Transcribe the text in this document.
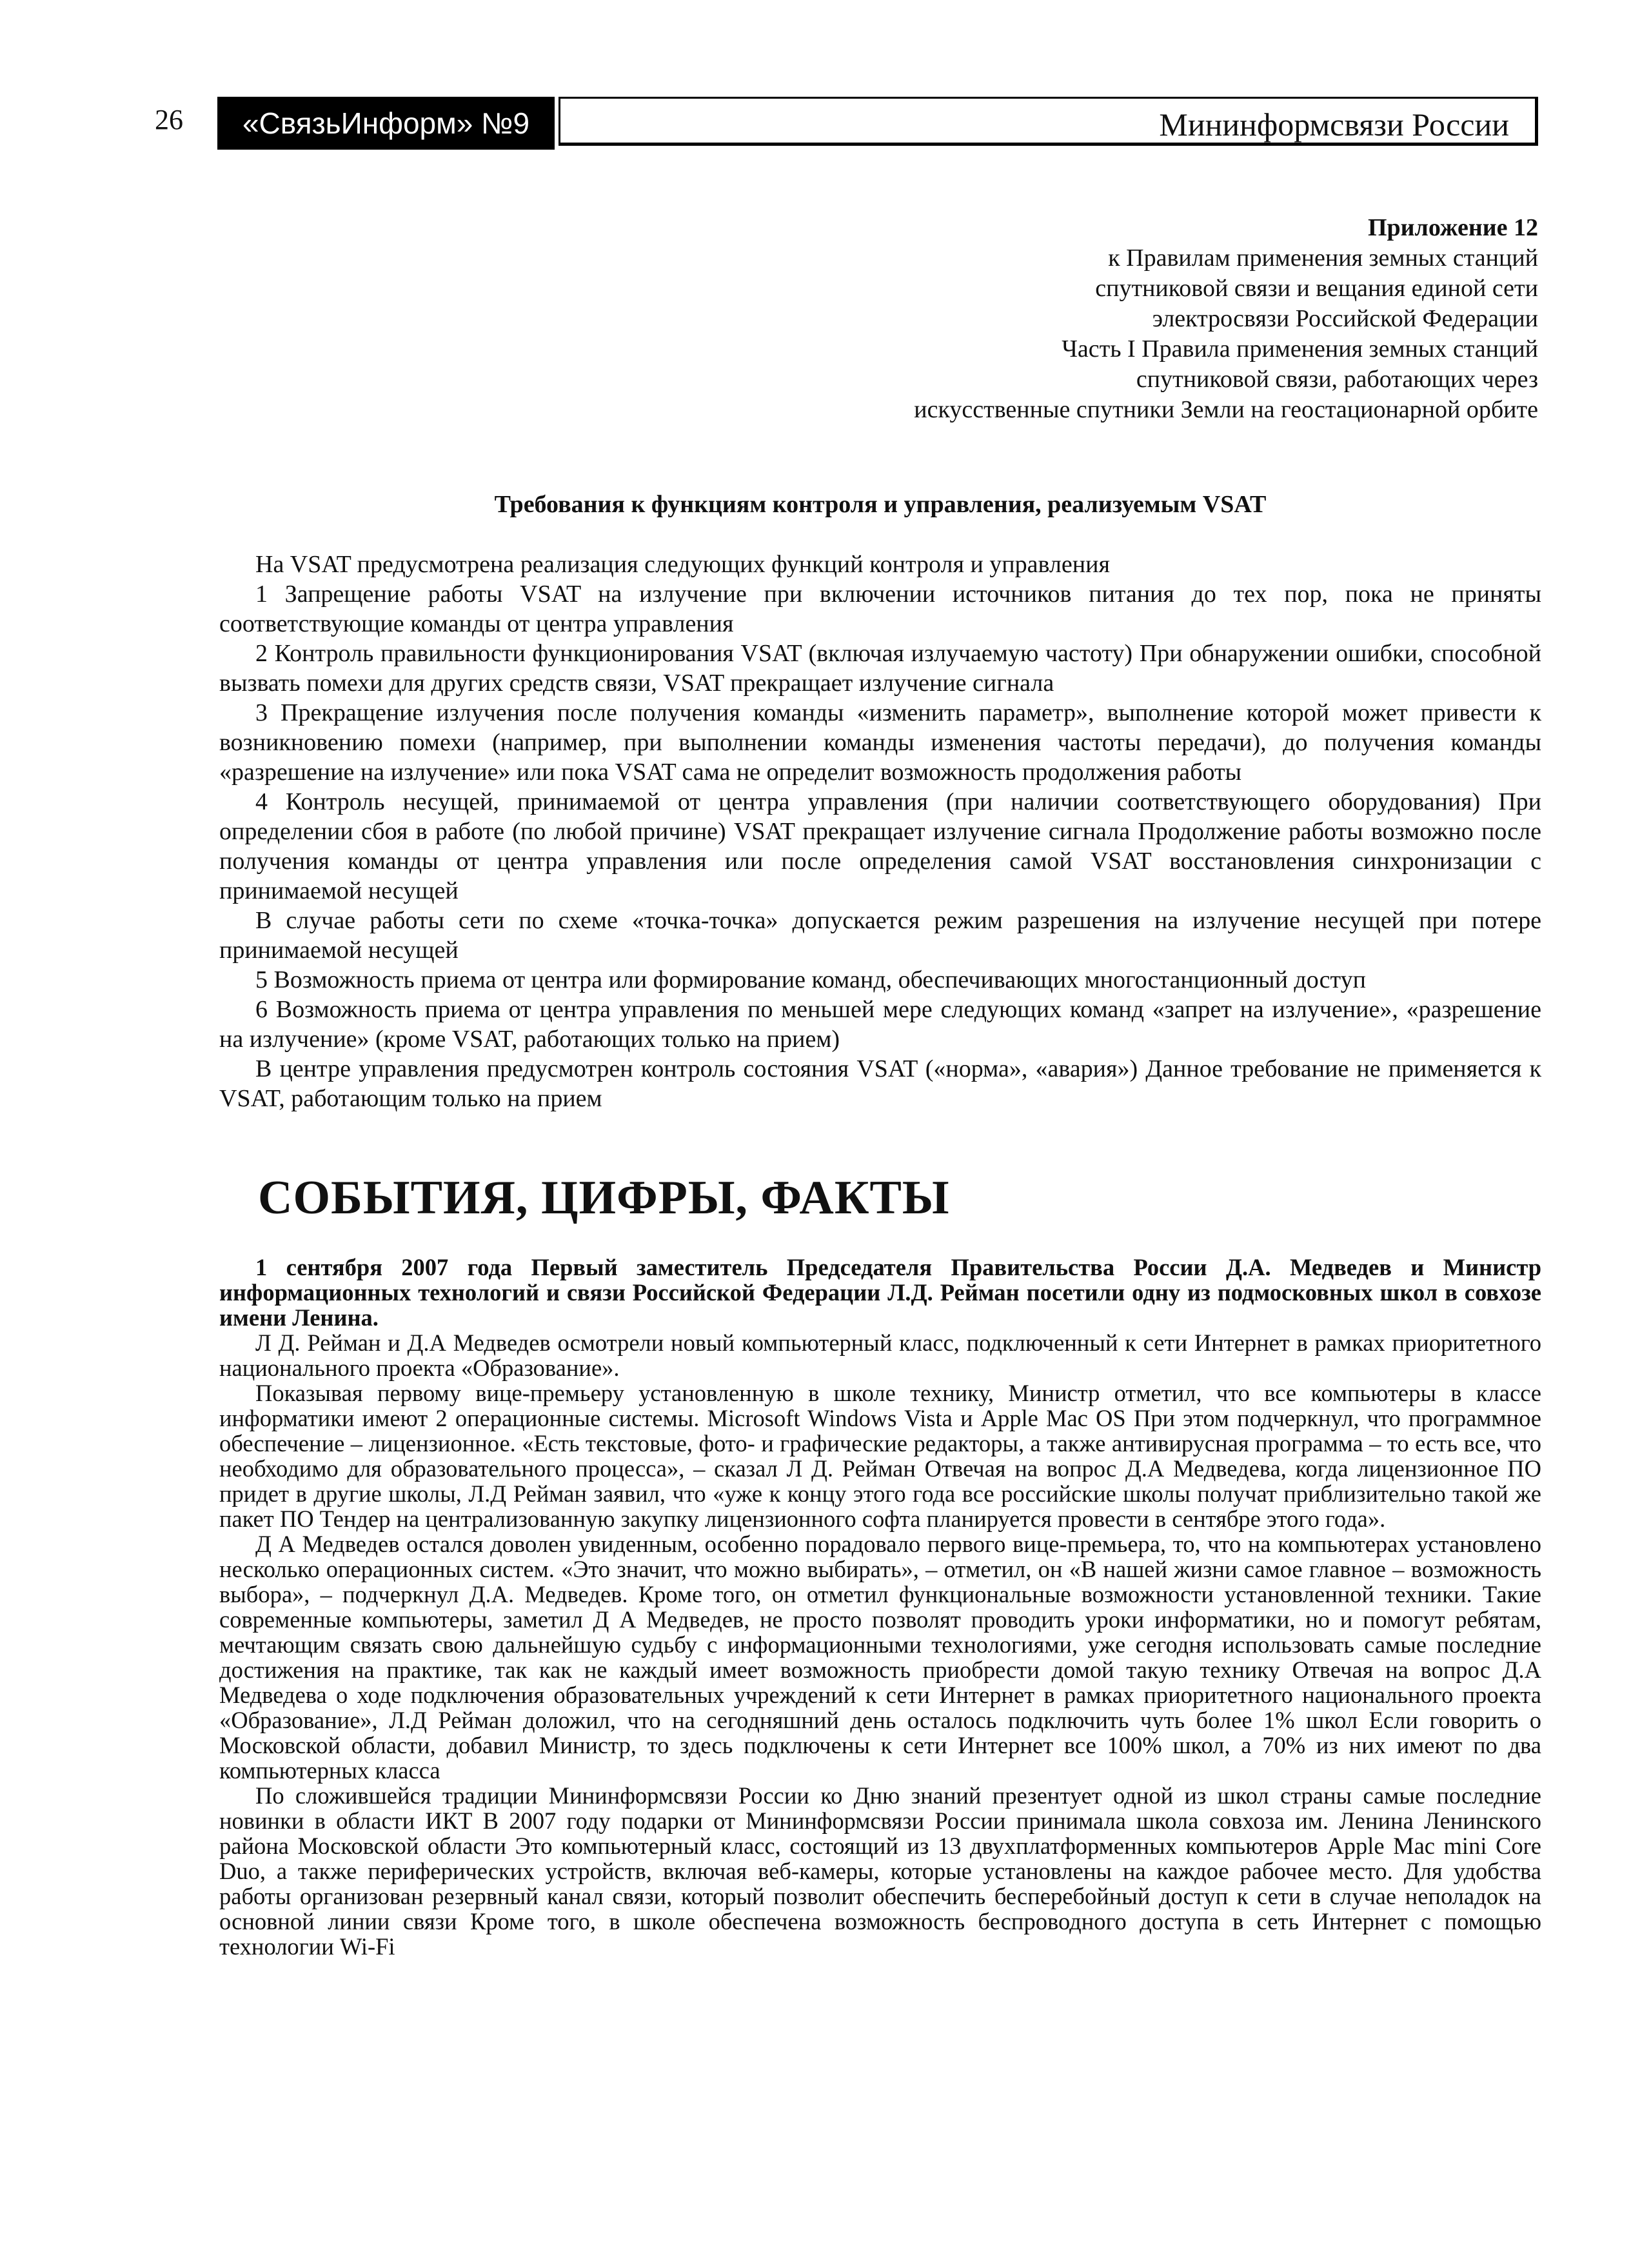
26	«СвязьИнформ» №9	Мининформсвязи России
Приложение 12
к Правилам применения земных станций
спутниковой связи и вещания единой сети
электросвязи Российской Федерации
Часть I Правила применения земных станций
спутниковой связи, работающих через
искусственные спутники Земли на геостационарной орбите
Требования к функциям контроля и управления, реализуемым VSAT

На VSAT предусмотрена реализация следующих функций контроля и управления

1 Запрещение работы VSAT на излучение при включении источников питания до тех пор, пока не приняты соответствующие команды от центра управления

2 Контроль правильности функционирования VSAT (включая излучаемую частоту) При обнаружении ошибки, способной вызвать помехи для других средств связи, VSAT прекращает излучение сигнала

3 Прекращение излучения после получения команды «изменить параметр», выполнение которой может привести к возникновению помехи (например, при выполнении команды изменения частоты передачи), до получения команды «разрешение на излучение» или пока VSAT сама не определит возможность продолжения работы

4 Контроль несущей, принимаемой от центра управления (при наличии соответствующего оборудования) При определении сбоя в работе (по любой причине) VSAT прекращает излучение сигнала Продолжение работы возможно после получения команды от центра управления или после определения самой VSAT восстановления синхронизации с принимаемой несущей

В случае работы сети по схеме «точка-точка» допускается режим разрешения на излучение несущей при потере принимаемой несущей

5 Возможность приема от центра или формирование команд, обеспечивающих многостанционный доступ

6 Возможность приема от центра управления по меньшей мере следующих команд «запрет на излучение», «разрешение на излучение» (кроме VSAT, работающих только на прием)

В центре управления предусмотрен контроль состояния VSAT («норма», «авария») Данное требование не применяется к VSAT, работающим только на прием

СОБЫТИЯ, ЦИФРЫ, ФАКТЫ

1 сентября 2007 года Первый заместитель Председателя Правительства России Д.А. Медведев и Министр информационных технологий и связи Российской Федерации Л.Д. Рейман посетили одну из подмосковных школ в совхозе имени Ленина.

Л Д. Рейман и Д.А Медведев осмотрели новый компьютерный класс, подключенный к сети Интернет в рамках приоритетного национального проекта «Образование».

Показывая первому вице-премьеру установленную в школе технику, Министр отметил, что все компьютеры в классе информатики имеют 2 операционные системы. Microsoft Windows Vista и Apple Mac OS При этом подчеркнул, что программное обеспечение – лицензионное. «Есть текстовые, фото- и графические редакторы, а также антивирусная программа – то есть все, что необходимо для образовательного процесса», – сказал Л Д. Рейман Отвечая на вопрос Д.А Медведева, когда лицензионное ПО придет в другие школы, Л.Д Рейман заявил, что «уже к концу этого года все российские школы получат приблизительно такой же пакет ПО Тендер на централизованную закупку лицензионного софта планируется провести в сентябре этого года».

Д А Медведев остался доволен увиденным, особенно порадовало первого вице-премьера, то, что на компьютерах установлено несколько операционных систем. «Это значит, что можно выбирать», – отметил, он «В нашей жизни самое главное – возможность выбора», – подчеркнул Д.А. Медведев. Кроме того, он отметил функциональные возможности установленной техники. Такие современные компьютеры, заметил Д А Медведев, не просто позволят проводить уроки информатики, но и помогут ребятам, мечтающим связать свою дальнейшую судьбу с информационными технологиями, уже сегодня использовать самые последние достижения на практике, так как не каждый имеет возможность приобрести домой такую технику Отвечая на вопрос Д.А Медведева о ходе подключения образовательных учреждений к сети Интернет в рамках приоритетного национального проекта «Образование», Л.Д Рейман доложил, что на сегодняшний день осталось подключить чуть более 1% школ Если говорить о Московской области, добавил Министр, то здесь подключены к сети Интернет все 100% школ, а 70% из них имеют по два компьютерных класса

По сложившейся традиции Мининформсвязи России ко Дню знаний презентует одной из школ страны самые последние новинки в области ИКТ В 2007 году подарки от Мининформсвязи России принимала школа совхоза им. Ленина Ленинского района Московской области Это компьютерный класс, состоящий из 13 двухплатформенных компьютеров Apple Mac mini Core Duo, а также периферических устройств, включая веб-камеры, которые установлены на каждое рабочее место. Для удобства работы организован резервный канал связи, который позволит обеспечить бесперебойный доступ к сети в случае неполадок на основной линии связи Кроме того, в школе обеспечена возможность беспроводного доступа в сеть Интернет с помощью технологии Wi-Fi
